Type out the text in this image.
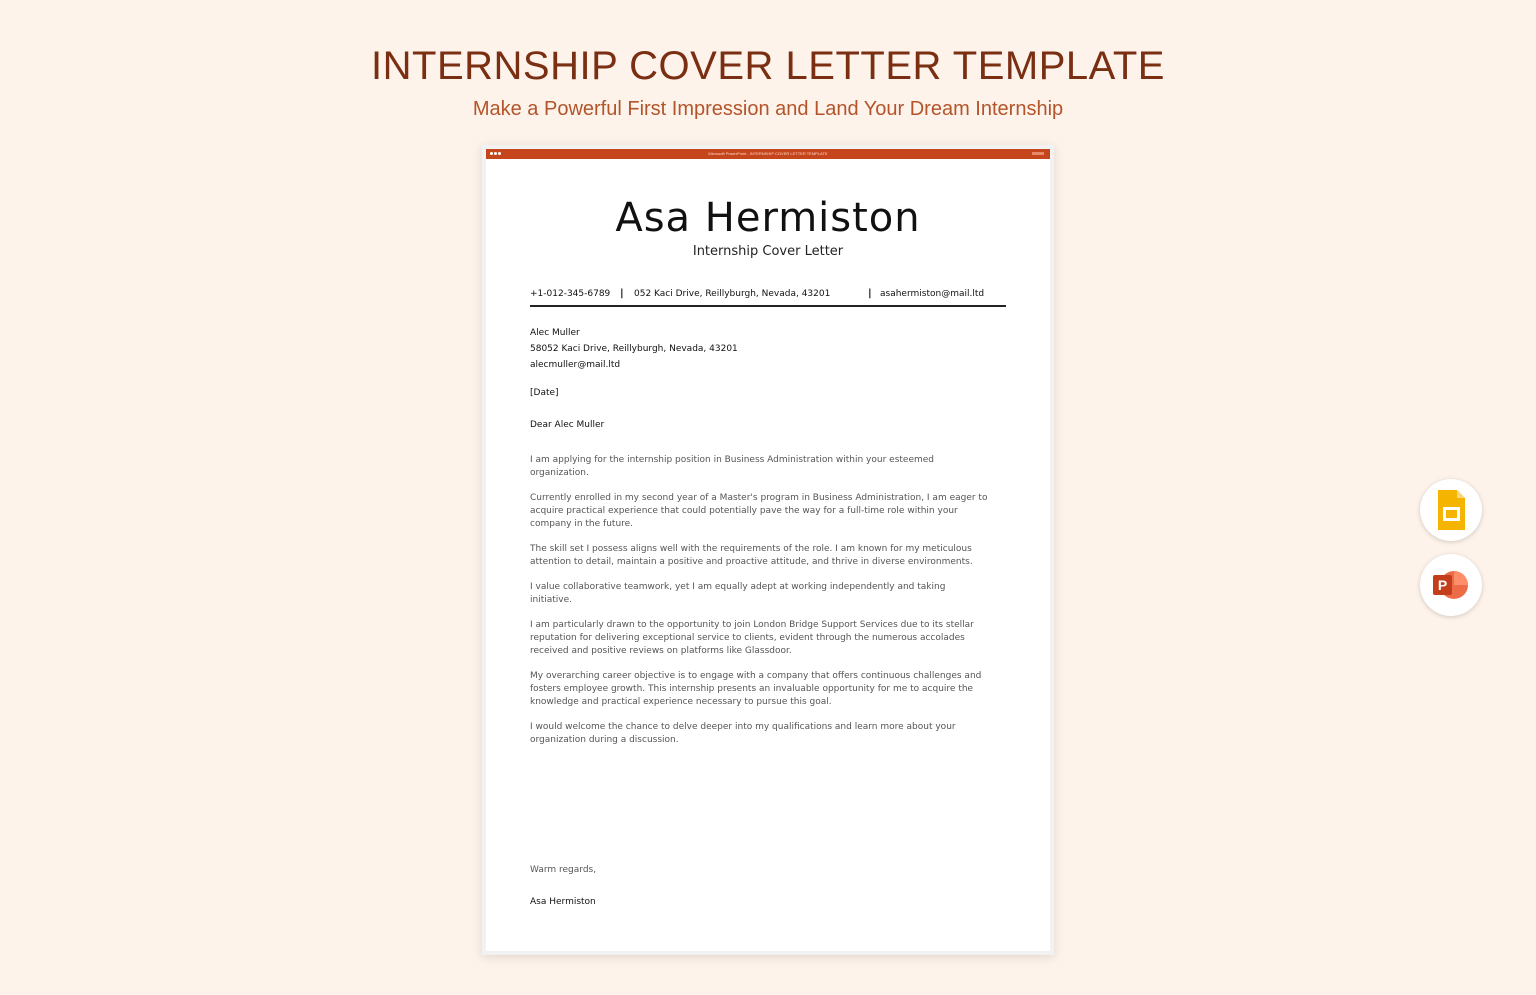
INTERNSHIP COVER LETTER TEMPLATE
Make a Powerful First Impression and Land Your Dream Internship
Microsoft PowerPoint - INTERNSHIP COVER LETTER TEMPLATE
Asa Hermiston
Internship Cover Letter
+1-012-345-6789 | 052 Kaci Drive, Reillyburgh, Nevada, 43201	| asahermiston@mail.ltd
Alec Muller
58052 Kaci Drive, Reillyburgh, Nevada, 43201
alecmuller@mail.ltd
[Date]
Dear Alec Muller

I am applying for the internship position in Business Administration within your esteemed organization.

Currently enrolled in my second year of a Master's program in Business Administration, I am eager to acquire practical experience that could potentially pave the way for a full-time role within your company in the future.

The skill set I possess aligns well with the requirements of the role. I am known for my meticulous attention to detail, maintain a positive and proactive attitude, and thrive in diverse environments.

I value collaborative teamwork, yet I am equally adept at working independently and taking initiative.

I am particularly drawn to the opportunity to join London Bridge Support Services due to its stellar reputation for delivering exceptional service to clients, evident through the numerous accolades received and positive reviews on platforms like Glassdoor.

My overarching career objective is to engage with a company that offers continuous challenges and fosters employee growth. This internship presents an invaluable opportunity for me to acquire the knowledge and practical experience necessary to pursue this goal.

I would welcome the chance to delve deeper into my qualifications and learn more about your organization during a discussion.

Warm regards,
Asa Hermiston
P
